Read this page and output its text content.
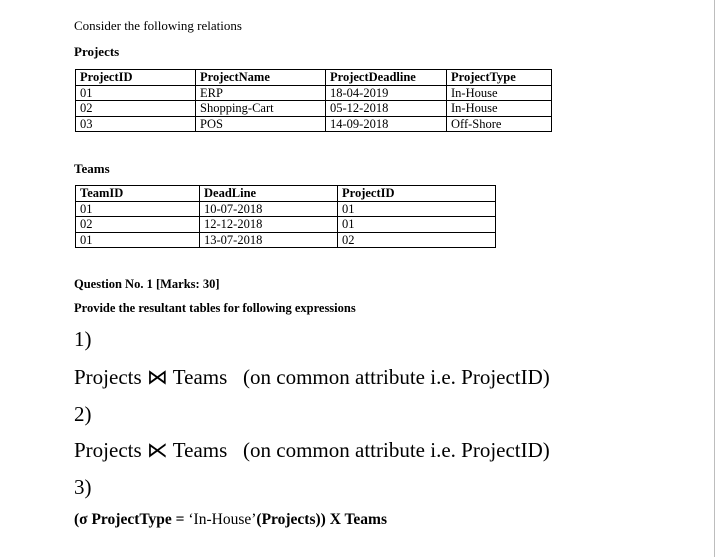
Consider the following relations
Projects
ProjectID	ProjectName	ProjectDeadline	ProjectType
01	ERP	18-04-2019	In-House
02	Shopping-Cart	05-12-2018	In-House
03	POS	14-09-2018	Off-Shore
Teams
TeamID	DeadLine	ProjectID
01	10-07-2018	01
02	12-12-2018	01
01	13-07-2018	02
Question No. 1 [Marks: 30]
Provide the resultant tables for following expressions
1)
Projects ⋈ Teams   (on common attribute i.e. ProjectID)
2)
Projects ⋉ Teams   (on common attribute i.e. ProjectID)
3)
(σ ProjectType = ‘In-House’(Projects)) X Teams
